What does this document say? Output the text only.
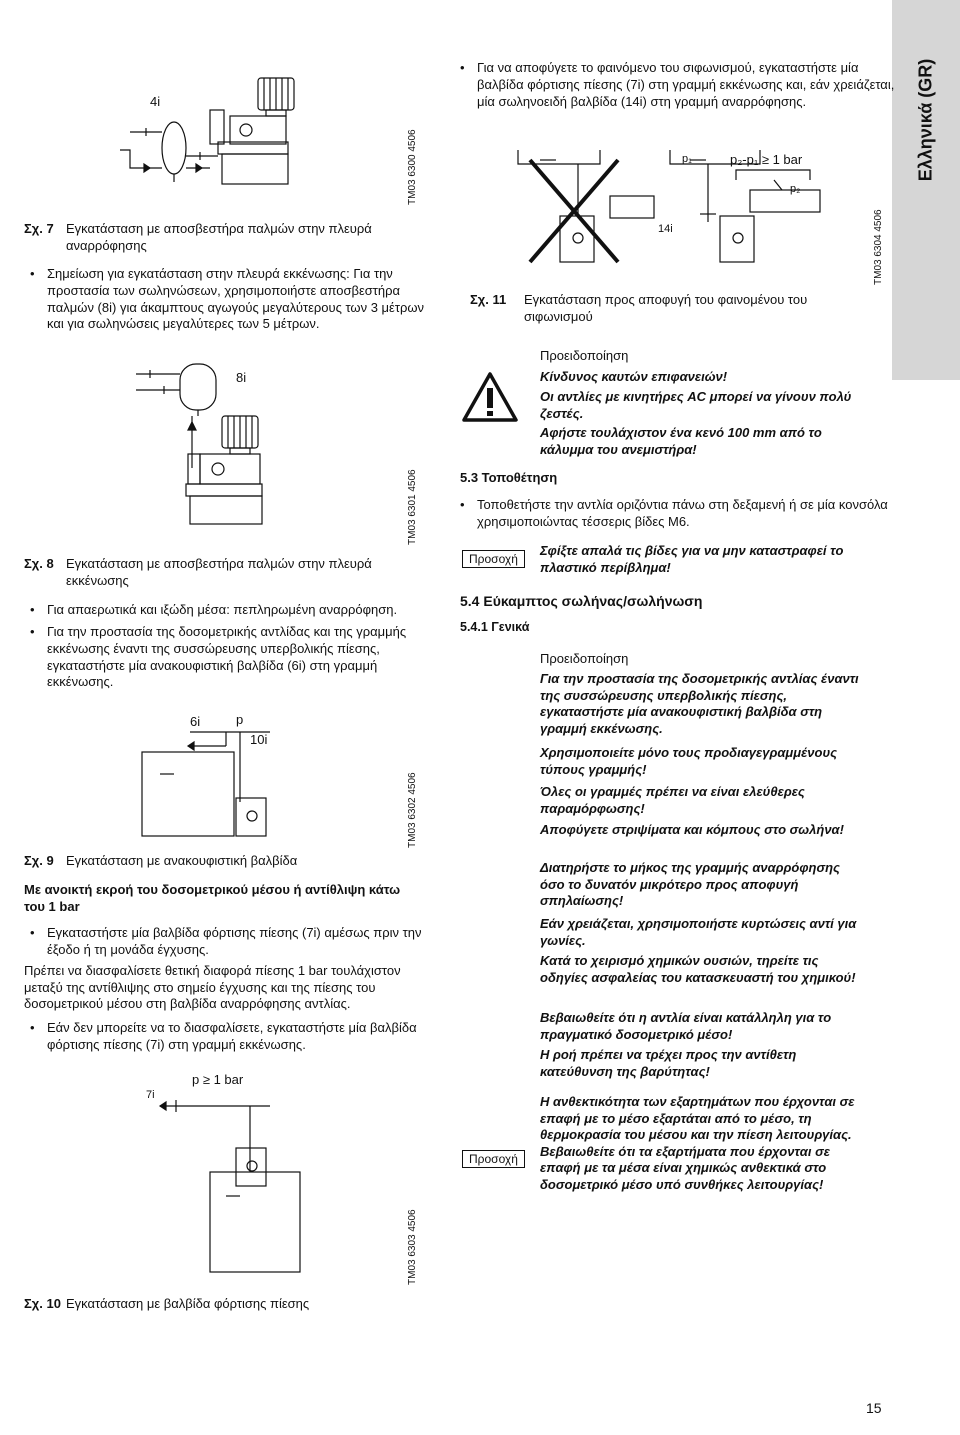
Ελληνικά (GR)
4i
TM03 6300 4506
Σχ. 7 Εγκατάσταση με αποσβεστήρα παλμών στην πλευρά αναρρόφησης
• Σημείωση για εγκατάσταση στην πλευρά εκκένωσης: Για την προστασία των σωληνώσεων, χρησιμοποιήστε αποσβεστήρα παλμών (8i) για άκαμπτους αγωγούς μεγαλύτερους των 3 μέτρων και για σωληνώσεις μεγαλύτερες των 5 μέτρων.
8i
TM03 6301 4506
Σχ. 8 Εγκατάσταση με αποσβεστήρα παλμών στην πλευρά εκκένωσης
• Για απαερωτικά και ιξώδη μέσα: πεπληρωμένη αναρρόφηση.
• Για την προστασία της δοσομετρικής αντλίδας και της γραμμής εκκένωσης έναντι της συσσώρευσης υπερβολικής πίεσης, εγκαταστήστε μία ανακουφιστική βαλβίδα (6i) στη γραμμή εκκένωσης.
6i	p
10i
TM03 6302 4506
Σχ. 9 Εγκατάσταση με ανακουφιστική βαλβίδα
Με ανοικτή εκροή του δοσομετρικού μέσου ή αντίθλιψη κάτω του 1 bar
• Εγκαταστήστε μία βαλβίδα φόρτισης πίεσης (7i) αμέσως πριν την έξοδο ή τη μονάδα έγχυσης.
Πρέπει να διασφαλίσετε θετική διαφορά πίεσης 1 bar τουλάχιστον μεταξύ της αντίθλιψης στο σημείο έγχυσης και της πίεσης του δοσομετρικού μέσου στη βαλβίδα αναρρόφησης αντλίας.
• Εάν δεν μπορείτε να το διασφαλίσετε, εγκαταστήστε μία βαλβίδα φόρτισης πίεσης (7i) στη γραμμή εκκένωσης.
p ≥ 1 bar
7i
TM03 6303 4506
Σχ. 10 Εγκατάσταση με βαλβίδα φόρτισης πίεσης
• Για να αποφύγετε το φαινόμενο του σιφωνισμού, εγκαταστήστε μία βαλβίδα φόρτισης πίεσης (7i) στη γραμμή εκκένωσης και, εάν χρειάζεται, μία σωληνοειδή βαλβίδα (14i) στη γραμμή αναρρόφησης.
p₁	p₂-p₁ ≥ 1 bar
p₂
14i	TM03 6304 4506
Σχ. 11 Εγκατάσταση προς αποφυγή του φαινομένου του σιφωνισμού
Προειδοποίηση
Κίνδυνος καυτών επιφανειών!
Οι αντλίες με κινητήρες AC μπορεί να γίνουν πολύ ζεστές.
Αφήστε τουλάχιστον ένα κενό 100 mm από το κάλυμμα του ανεμιστήρα!
5.3 Τοποθέτηση
• Τοποθετήστε την αντλία οριζόντια πάνω στη δεξαμενή ή σε μία κονσόλα χρησιμοποιώντας τέσσερις βίδες M6.
Προσοχή
Σφίξτε απαλά τις βίδες για να μην καταστραφεί το πλαστικό περίβλημα!
5.4 Εύκαμπτος σωλήνας/σωλήνωση
5.4.1 Γενικά
Προειδοποίηση
Για την προστασία της δοσομετρικής αντλίας έναντι της συσσώρευσης υπερβολικής πίεσης, εγκαταστήστε μία ανακουφιστική βαλβίδα στη γραμμή εκκένωσης.
Χρησιμοποιείτε μόνο τους προδιαγεγραμμένους τύπους γραμμής!
Όλες οι γραμμές πρέπει να είναι ελεύθερες παραμόρφωσης!
Αποφύγετε στριψίματα και κόμπους στο σωλήνα!
Διατηρήστε το μήκος της γραμμής αναρρόφησης όσο το δυνατόν μικρότερο προς αποφυγή σπηλαίωσης!
Εάν χρειάζεται, χρησιμοποιήστε κυρτώσεις αντί για γωνίες.
Κατά το χειρισμό χημικών ουσιών, τηρείτε τις οδηγίες ασφαλείας του κατασκευαστή του χημικού!
Βεβαιωθείτε ότι η αντλία είναι κατάλληλη για το πραγματικό δοσομετρικό μέσο!
Η ροή πρέπει να τρέχει προς την αντίθετη κατεύθυνση της βαρύτητας!
Προσοχή
Η ανθεκτικότητα των εξαρτημάτων που έρχονται σε επαφή με το μέσο εξαρτάται από το μέσο, τη θερμοκρασία του μέσου και την πίεση λειτουργίας. Βεβαιωθείτε ότι τα εξαρτήματα που έρχονται σε επαφή με τα μέσα είναι χημικώς ανθεκτικά στο δοσομετρικό μέσο υπό συνθήκες λειτουργίας!
15
